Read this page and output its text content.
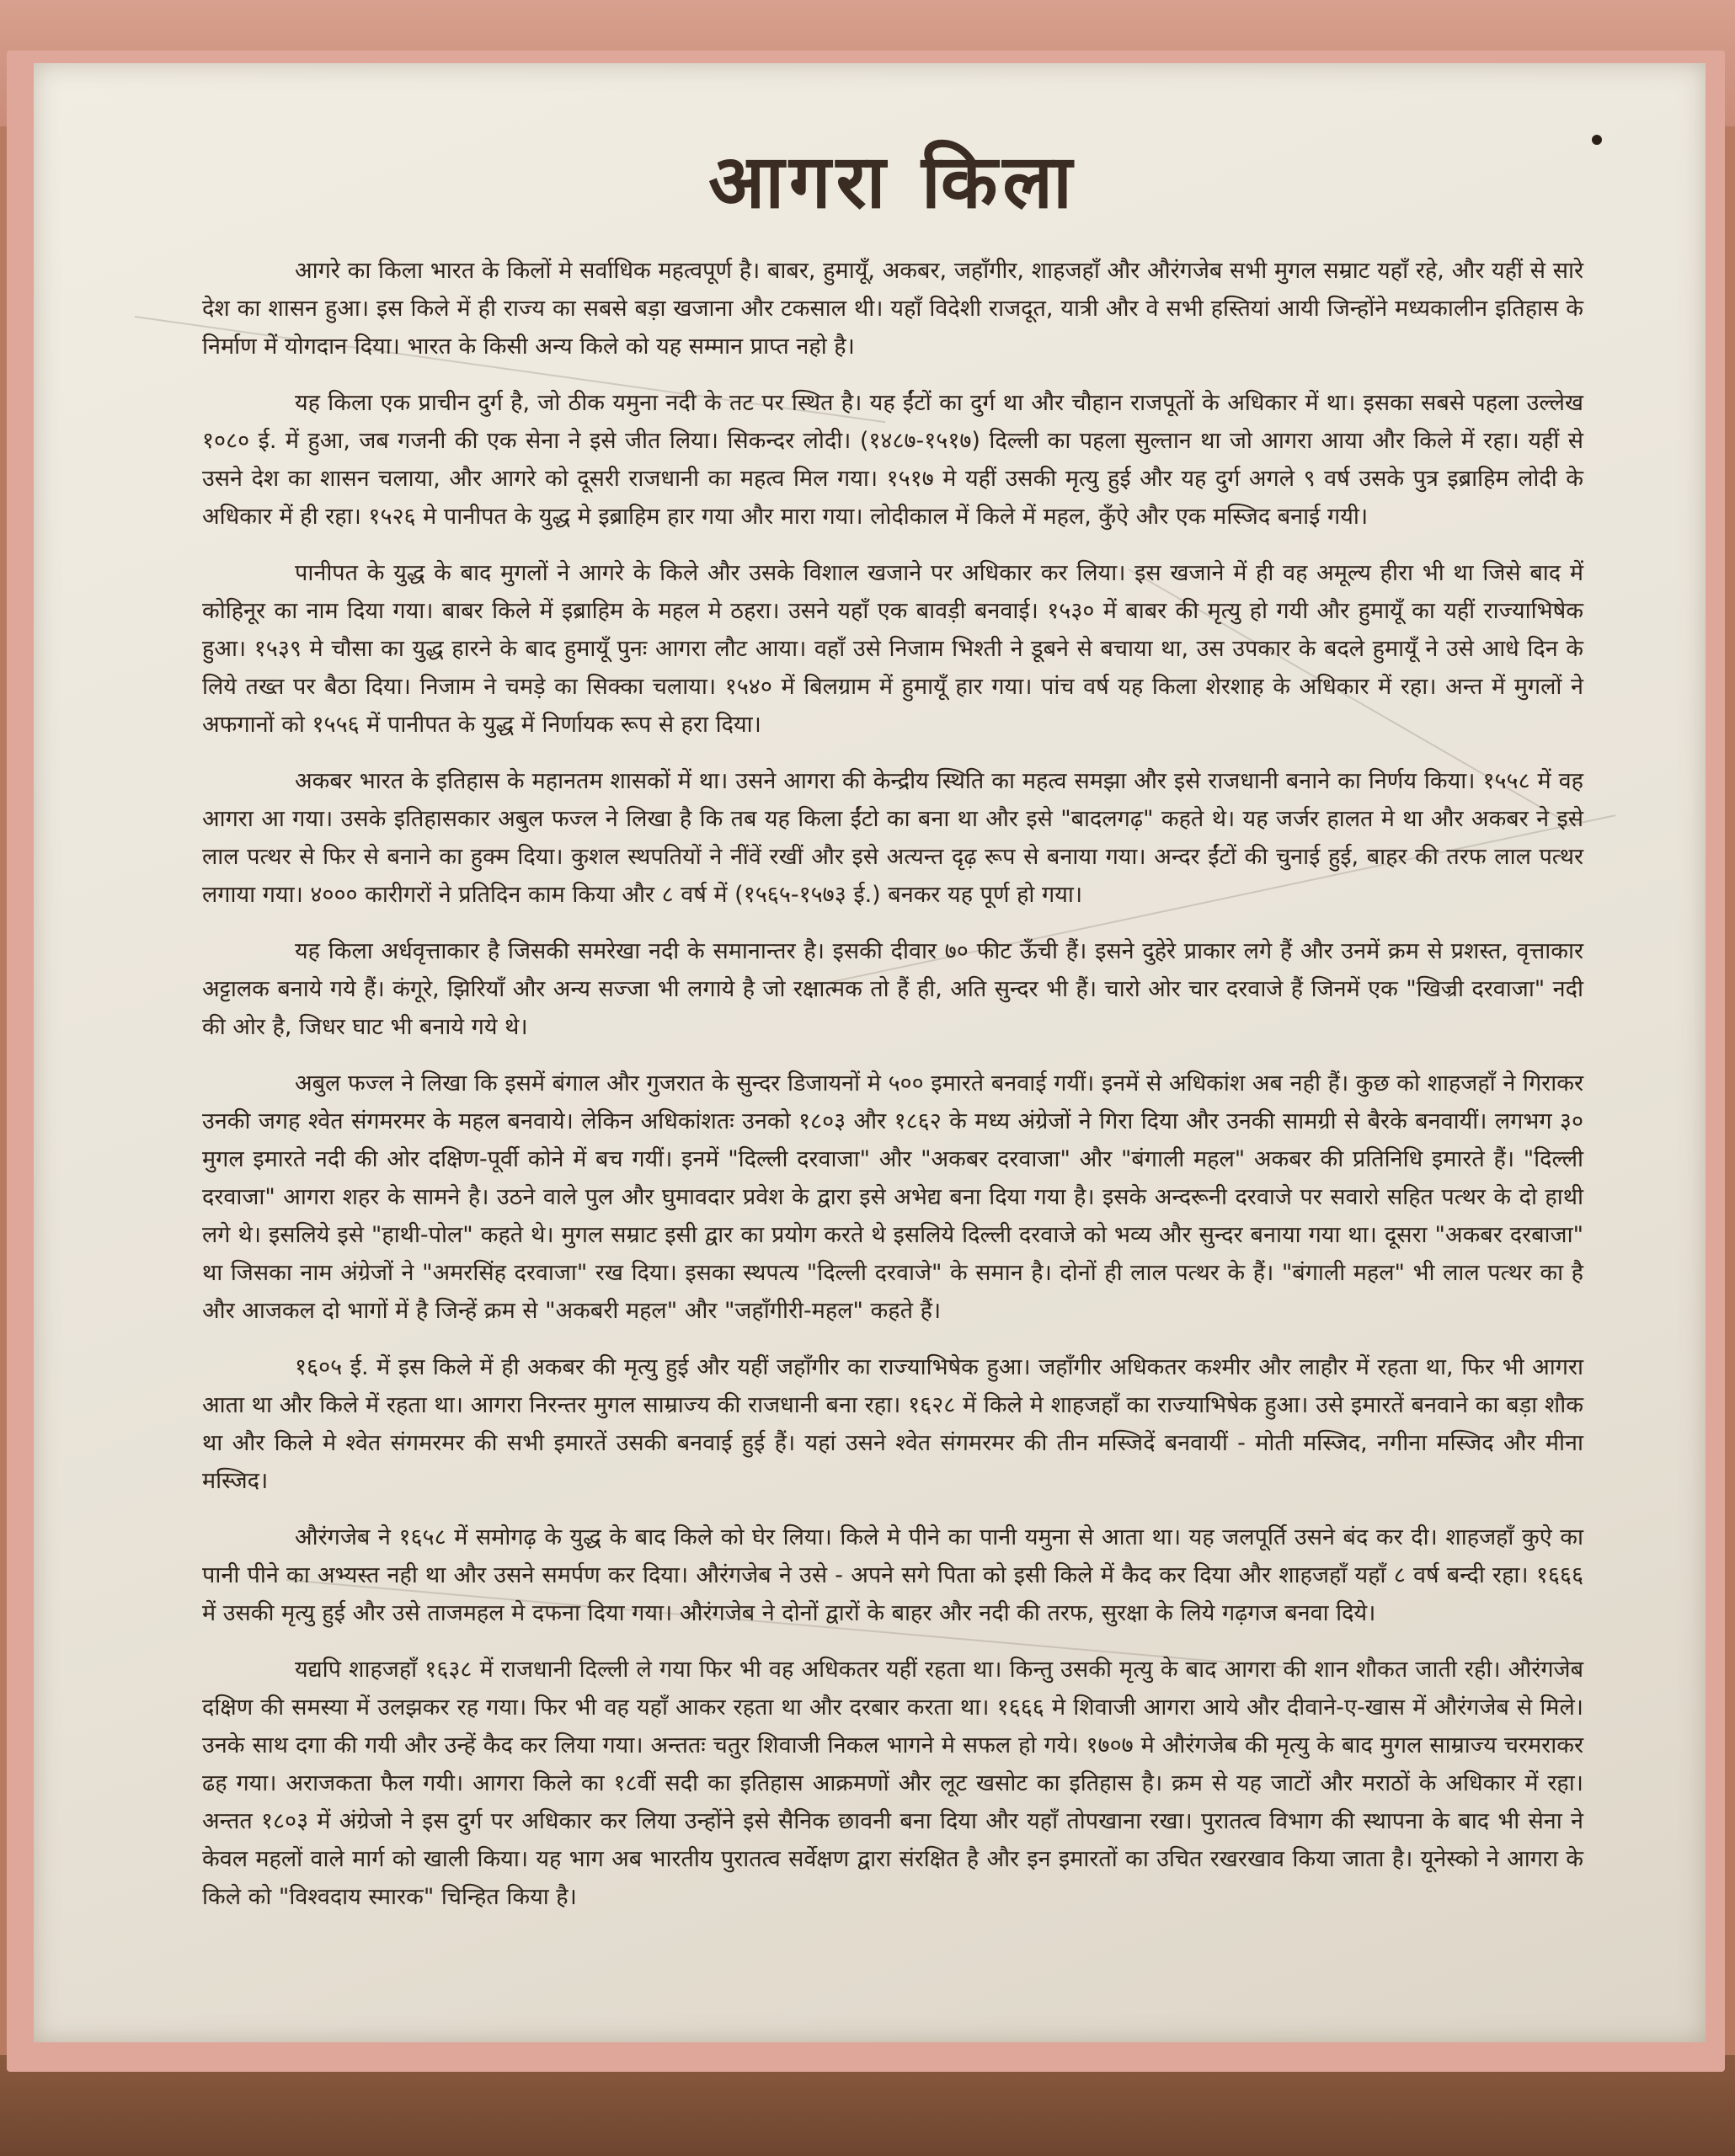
आगरा किला

आगरे का किला भारत के किलों मे सर्वाधिक महत्वपूर्ण है। बाबर, हुमायूँ, अकबर, जहाँगीर, शाहजहाँ और औरंगजेब सभी मुगल सम्राट यहाँ रहे, और यहीं से सारे देश का शासन हुआ। इस किले में ही राज्य का सबसे बड़ा खजाना और टकसाल थी। यहाँ विदेशी राजदूत, यात्री और वे सभी हस्तियां आयी जिन्होंने मध्यकालीन इतिहास के निर्माण में योगदान दिया। भारत के किसी अन्य किले को यह सम्मान प्राप्त नहो है।

यह किला एक प्राचीन दुर्ग है, जो ठीक यमुना नदी के तट पर स्थित है। यह ईंटों का दुर्ग था और चौहान राजपूतों के अधिकार में था। इसका सबसे पहला उल्लेख १०८० ई. में हुआ, जब गजनी की एक सेना ने इसे जीत लिया। सिकन्दर लोदी। (१४८७-१५१७) दिल्ली का पहला सुल्तान था जो आगरा आया और किले में रहा। यहीं से उसने देश का शासन चलाया, और आगरे को दूसरी राजधानी का महत्व मिल गया। १५१७ मे यहीं उसकी मृत्यु हुई और यह दुर्ग अगले ९ वर्ष उसके पुत्र इब्राहिम लोदी के अधिकार में ही रहा। १५२६ मे पानीपत के युद्ध मे इब्राहिम हार गया और मारा गया। लोदीकाल में किले में महल, कुँऐ और एक मस्जिद बनाई गयी।

पानीपत के युद्ध के बाद मुगलों ने आगरे के किले और उसके विशाल खजाने पर अधिकार कर लिया। इस खजाने में ही वह अमूल्य हीरा भी था जिसे बाद में कोहिनूर का नाम दिया गया। बाबर किले में इब्राहिम के महल मे ठहरा। उसने यहाँ एक बावड़ी बनवाई। १५३० में बाबर की मृत्यु हो गयी और हुमायूँ का यहीं राज्याभिषेक हुआ। १५३९ मे चौसा का युद्ध हारने के बाद हुमायूँ पुनः आगरा लौट आया। वहाँ उसे निजाम भिश्ती ने डूबने से बचाया था, उस उपकार के बदले हुमायूँ ने उसे आधे दिन के लिये तख्त पर बैठा दिया। निजाम ने चमड़े का सिक्का चलाया। १५४० में बिलग्राम में हुमायूँ हार गया। पांच वर्ष यह किला शेरशाह के अधिकार में रहा। अन्त में मुगलों ने अफगानों को १५५६ में पानीपत के युद्ध में निर्णायक रूप से हरा दिया।

अकबर भारत के इतिहास के महानतम शासकों में था। उसने आगरा की केन्द्रीय स्थिति का महत्व समझा और इसे राजधानी बनाने का निर्णय किया। १५५८ में वह आगरा आ गया। उसके इतिहासकार अबुल फज्ल ने लिखा है कि तब यह किला ईंटो का बना था और इसे "बादलगढ़" कहते थे। यह जर्जर हालत मे था और अकबर ने इसे लाल पत्थर से फिर से बनाने का हुक्म दिया। कुशल स्थपतियों ने नींवें रखीं और इसे अत्यन्त दृढ़ रूप से बनाया गया। अन्दर ईंटों की चुनाई हुई, बाहर की तरफ लाल पत्थर लगाया गया। ४००० कारीगरों ने प्रतिदिन काम किया और ८ वर्ष में (१५६५-१५७३ ई.) बनकर यह पूर्ण हो गया।

यह किला अर्धवृत्ताकार है जिसकी समरेखा नदी के समानान्तर है। इसकी दीवार ७० फीट ऊँची हैं। इसने दुहेरे प्राकार लगे हैं और उनमें क्रम से प्रशस्त, वृत्ताकार अट्टालक बनाये गये हैं। कंगूरे, झिरियाँ और अन्य सज्जा भी लगाये है जो रक्षात्मक तो हैं ही, अति सुन्दर भी हैं। चारो ओर चार दरवाजे हैं जिनमें एक "खिज्री दरवाजा" नदी की ओर है, जिधर घाट भी बनाये गये थे।

अबुल फज्ल ने लिखा कि इसमें बंगाल और गुजरात के सुन्दर डिजायनों मे ५०० इमारते बनवाई गयीं। इनमें से अधिकांश अब नही हैं। कुछ को शाहजहाँ ने गिराकर उनकी जगह श्वेत संगमरमर के महल बनवाये। लेकिन अधिकांशतः उनको १८०३ और १८६२ के मध्य अंग्रेजों ने गिरा दिया और उनकी सामग्री से बैरके बनवायीं। लगभग ३० मुगल इमारते नदी की ओर दक्षिण-पूर्वी कोने में बच गयीं। इनमें "दिल्ली दरवाजा" और "अकबर दरवाजा" और "बंगाली महल" अकबर की प्रतिनिधि इमारते हैं। "दिल्ली दरवाजा" आगरा शहर के सामने है। उठने वाले पुल और घुमावदार प्रवेश के द्वारा इसे अभेद्य बना दिया गया है। इसके अन्दरूनी दरवाजे पर सवारो सहित पत्थर के दो हाथी लगे थे। इसलिये इसे "हाथी-पोल" कहते थे। मुगल सम्राट इसी द्वार का प्रयोग करते थे इसलिये दिल्ली दरवाजे को भव्य और सुन्दर बनाया गया था। दूसरा "अकबर दरबाजा" था जिसका नाम अंग्रेजों ने "अमरसिंह दरवाजा" रख दिया। इसका स्थपत्य "दिल्ली दरवाजे" के समान है। दोनों ही लाल पत्थर के हैं। "बंगाली महल" भी लाल पत्थर का है और आजकल दो भागों में है जिन्हें क्रम से "अकबरी महल" और "जहाँगीरी-महल" कहते हैं।

१६०५ ई. में इस किले में ही अकबर की मृत्यु हुई और यहीं जहाँगीर का राज्याभिषेक हुआ। जहाँगीर अधिकतर कश्मीर और लाहौर में रहता था, फिर भी आगरा आता था और किले में रहता था। आगरा निरन्तर मुगल साम्राज्य की राजधानी बना रहा। १६२८ में किले मे शाहजहाँ का राज्याभिषेक हुआ। उसे इमारतें बनवाने का बड़ा शौक था और किले मे श्वेत संगमरमर की सभी इमारतें उसकी बनवाई हुई हैं। यहां उसने श्वेत संगमरमर की तीन मस्जिदें बनवायीं - मोती मस्जिद, नगीना मस्जिद और मीना मस्जिद।

औरंगजेब ने १६५८ में समोगढ़ के युद्ध के बाद किले को घेर लिया। किले मे पीने का पानी यमुना से आता था। यह जलपूर्ति उसने बंद कर दी। शाहजहाँ कुऐ का पानी पीने का अभ्यस्त नही था और उसने समर्पण कर दिया। औरंगजेब ने उसे - अपने सगे पिता को इसी किले में कैद कर दिया और शाहजहाँ यहाँ ८ वर्ष बन्दी रहा। १६६६ में उसकी मृत्यु हुई और उसे ताजमहल मे दफना दिया गया। औरंगजेब ने दोनों द्वारों के बाहर और नदी की तरफ, सुरक्षा के लिये गढ़गज बनवा दिये।

यद्यपि शाहजहाँ १६३८ में राजधानी दिल्ली ले गया फिर भी वह अधिकतर यहीं रहता था। किन्तु उसकी मृत्यु के बाद आगरा की शान शौकत जाती रही। औरंगजेब दक्षिण की समस्या में उलझकर रह गया। फिर भी वह यहाँ आकर रहता था और दरबार करता था। १६६६ मे शिवाजी आगरा आये और दीवाने-ए-खास में औरंगजेब से मिले। उनके साथ दगा की गयी और उन्हें कैद कर लिया गया। अन्ततः चतुर शिवाजी निकल भागने मे सफल हो गये। १७०७ मे औरंगजेब की मृत्यु के बाद मुगल साम्राज्य चरमराकर ढह गया। अराजकता फैल गयी। आगरा किले का १८वीं सदी का इतिहास आक्रमणों और लूट खसोट का इतिहास है। क्रम से यह जाटों और मराठों के अधिकार में रहा। अन्तत १८०३ में अंग्रेजो ने इस दुर्ग पर अधिकार कर लिया उन्होंने इसे सैनिक छावनी बना दिया और यहाँ तोपखाना रखा। पुरातत्व विभाग की स्थापना के बाद भी सेना ने केवल महलों वाले मार्ग को खाली किया। यह भाग अब भारतीय पुरातत्व सर्वेक्षण द्वारा संरक्षित है और इन इमारतों का उचित रखरखाव किया जाता है। यूनेस्को ने आगरा के किले को "विश्वदाय स्मारक" चिन्हित किया है।
